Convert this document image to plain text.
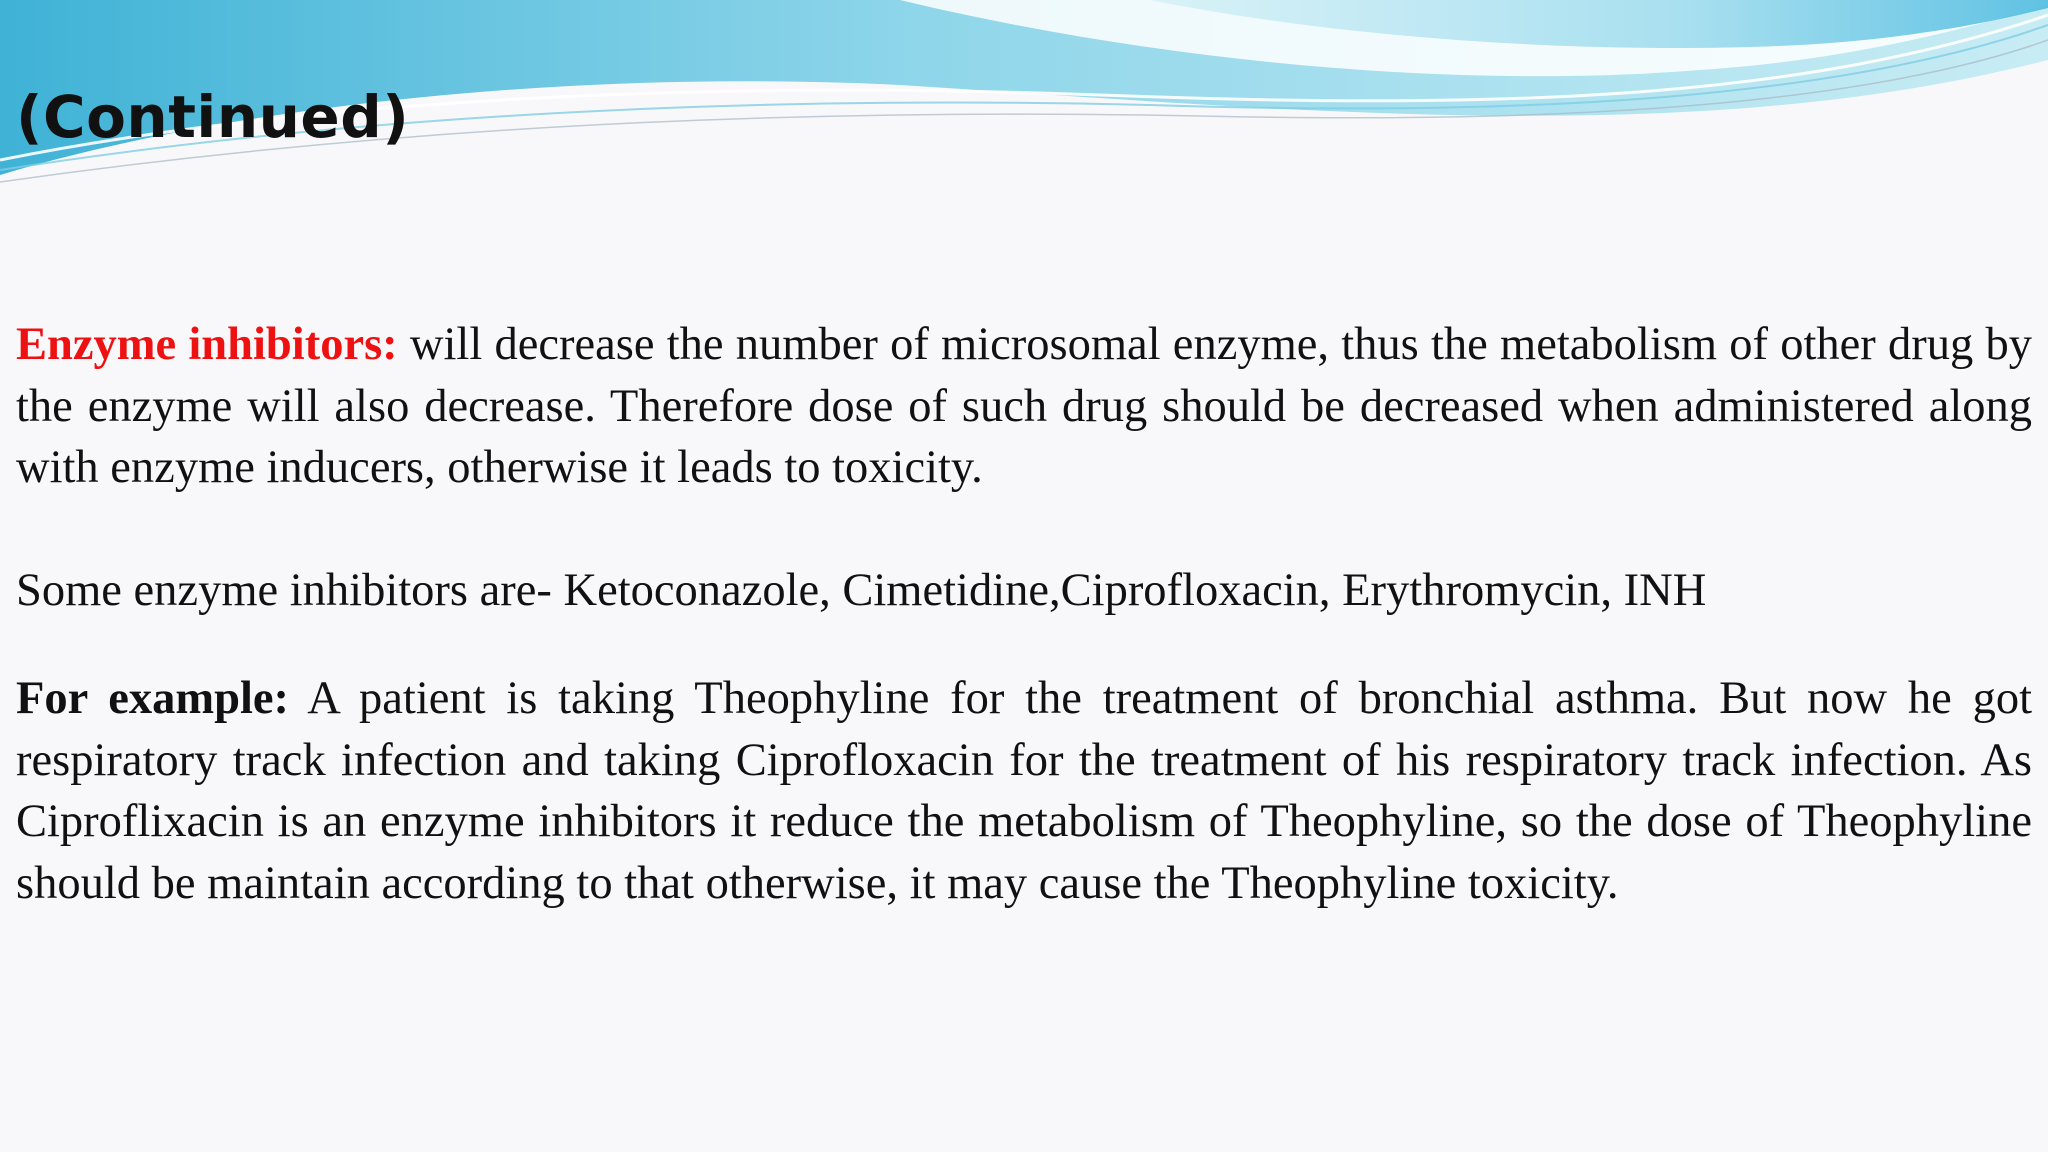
(Continued)

Enzyme inhibitors: will decrease the number of microsomal enzyme, thus the metabolism of other drug by the enzyme will also decrease. Therefore dose of such drug should be decreased when administered along with enzyme inducers, otherwise it leads to toxicity.

Some enzyme inhibitors are- Ketoconazole, Cimetidine,Ciprofloxacin, Erythromycin, INH

For example: A patient is taking Theophyline for the treatment of bronchial asthma. But now he got respiratory track infection and taking Ciprofloxacin for the treatment of his respiratory track infection. As Ciproflixacin is an enzyme inhibitors it reduce the metabolism of Theophyline, so the dose of Theophyline should be maintain according to that otherwise, it may cause the Theophyline toxicity.
